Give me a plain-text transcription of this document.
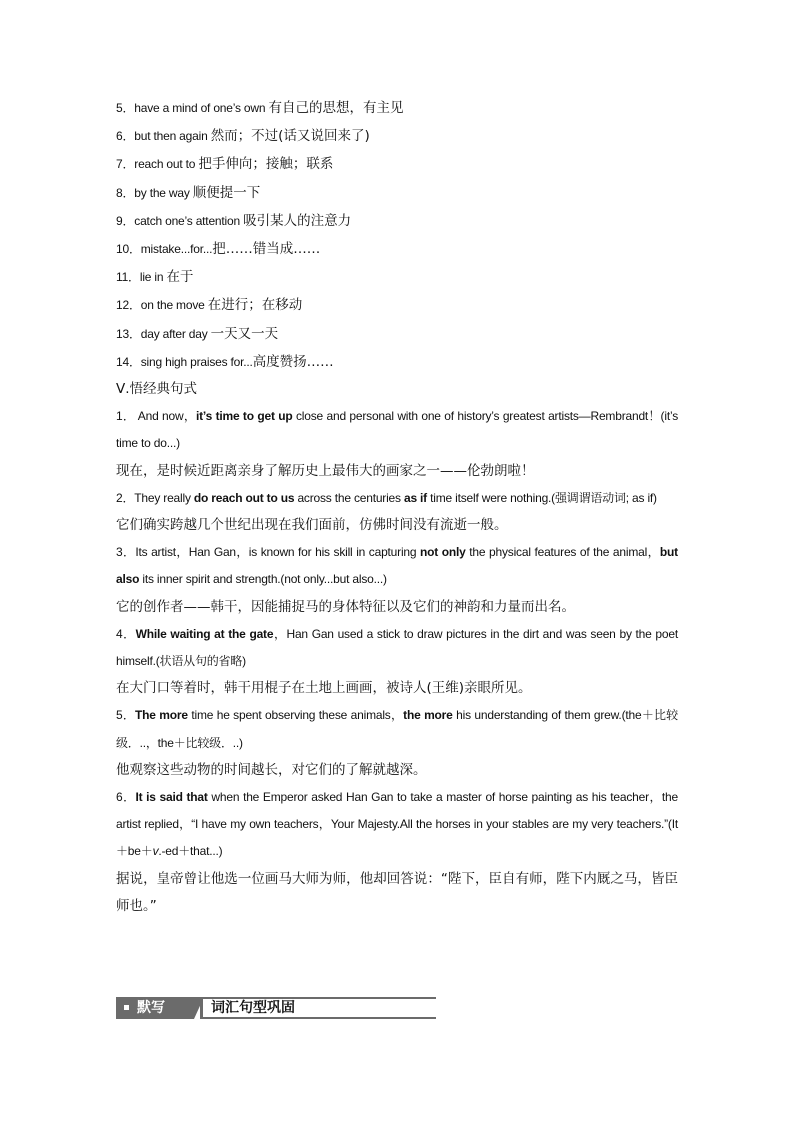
5．have a mind of one’s own 有自己的思想，有主见
6．but then again 然而；不过(话又说回来了)
7．reach out to 把手伸向；接触；联系
8．by the way 顺便提一下
9．catch one’s attention 吸引某人的注意力
10．mistake...for...把……错当成……
11．lie in 在于
12．on the move 在进行；在移动
13．day after day 一天又一天
14．sing high praises for...高度赞扬……
Ⅴ.悟经典句式
1． And now，it’s time to get up close and personal with one of history’s greatest artists—Rembrandt！(it’s time to do...)
现在，是时候近距离亲身了解历史上最伟大的画家之一——伦勃朗啦！
2．They really do reach out to us across the centuries as if time itself were nothing.(强调谓语动词; as if)
它们确实跨越几个世纪出现在我们面前，仿佛时间没有流逝一般。
3．Its artist，Han Gan，is known for his skill in capturing not only the physical features of the animal，but also its inner spirit and strength.(not only...but also...)
它的创作者——韩干，因能捕捉马的身体特征以及它们的神韵和力量而出名。
4．While waiting at the gate，Han Gan used a stick to draw pictures in the dirt and was seen by the poet himself.(状语从句的省略)
在大门口等着时，韩干用棍子在土地上画画，被诗人(王维)亲眼所见。
5．The more time he spent observing these animals，the more his understanding of them grew.(the＋比较级．..，the＋比较级．..)
他观察这些动物的时间越长，对它们的了解就越深。
6．It is said that when the Emperor asked Han Gan to take a master of horse painting as his teacher，the artist replied，“I have my own teachers，Your Majesty.All the horses in your stables are my very teachers.”(It＋be＋v.-ed＋that...)
据说，皇帝曾让他选一位画马大师为师，他却回答说：“陛下，臣自有师，陛下内厩之马，皆臣师也。”
默写	词汇句型巩固
